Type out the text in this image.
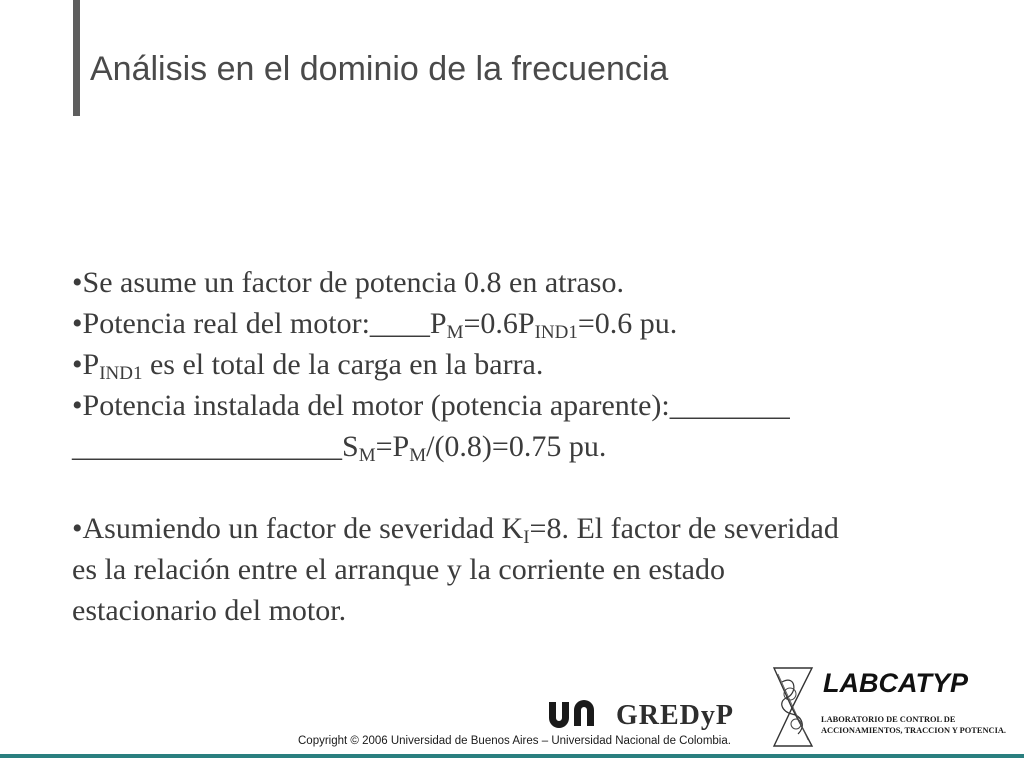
Análisis en el dominio de la frecuencia
•Se asume un factor de potencia 0.8 en atraso.
•Potencia real del $motor:\_\_\_\_P_M=0.6P_{IND1}=0.6$ pu.
$•P_{IND1}$ es el total de la carga en la barra.
•Potencia instalada del motor (potencia aparente):________
$\_\_\_\_\_\_\_\_\_\_\_\_\_\_\_\_\_\_S_M=P_M/(0.8)=0.75$ pu.
•Asumiendo un factor de severidad $K_I=8$. El factor de severidad
es la relación entre el arranque y la corriente en estado
estacionario del motor.
GREDyP
Copyright © 2006 Universidad de Buenos Aires – Universidad Nacional de Colombia.
LABCATYP
LABORATORIO DE CONTROL DE
ACCIONAMIENTOS, TRACCION Y POTENCIA.
